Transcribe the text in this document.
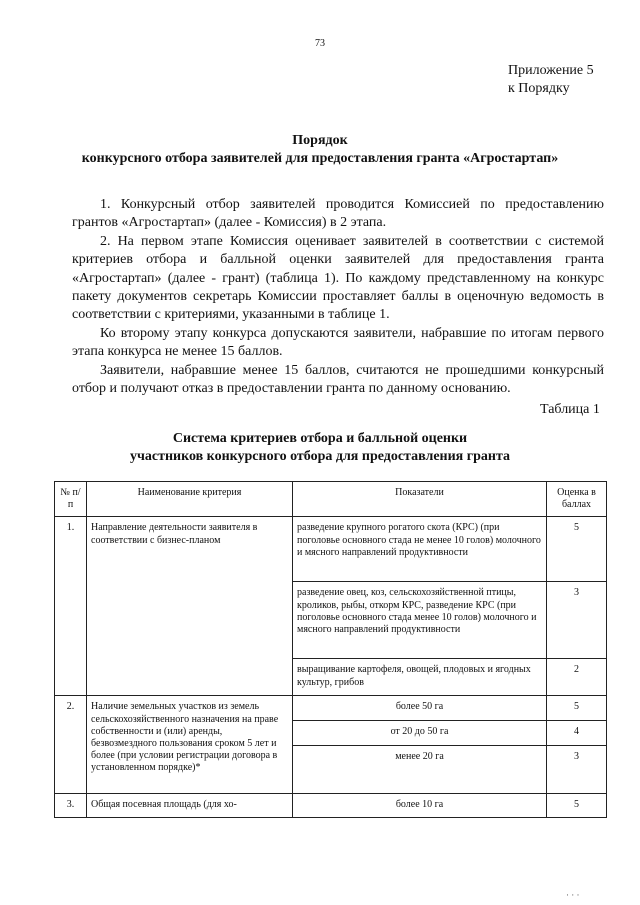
73
Приложение 5
к Порядку
Порядок
конкурсного отбора заявителей для предоставления гранта «Агростартап»

1. Конкурсный отбор заявителей проводится Комиссией по предоставлению грантов «Агростартап» (далее - Комиссия) в 2 этапа.

2. На первом этапе Комиссия оценивает заявителей в соответствии с системой критериев отбора и балльной оценки заявителей для предоставления гранта «Агростартап» (далее - грант) (таблица 1). По каждому представленному на конкурс пакету документов секретарь Комиссии проставляет баллы в оценочную ведомость в соответствии с критериями, указанными в таблице 1.

Ко второму этапу конкурса допускаются заявители, набравшие по итогам первого этапа конкурса не менее 15 баллов.

Заявители, набравшие менее 15 баллов, считаются не прошедшими конкурсный отбор и получают отказ в предоставлении гранта по данному основанию.

Таблица 1
Система критериев отбора и балльной оценки
участников конкурсного отбора для предоставления гранта
№ п/п	Наименование критерия	Показатели	Оценка в баллах
1.	Направление деятельности заявителя в соответствии с бизнес-планом	разведение крупного рогатого скота (КРС) (при поголовье основного стада не менее 10 голов) молочного и мясного направлений продуктивности	5
		разведение овец, коз, сельскохозяйственной птицы, кроликов, рыбы, откорм КРС, разведение КРС (при поголовье основного стада менее 10 голов) молочного и мясного направлений продуктивности	3
		выращивание картофеля, овощей, плодовых и ягодных культур, грибов	2
2.	Наличие земельных участков из земель сельскохозяйственного назначения на праве собственности и (или) аренды, безвозмездного пользования сроком 5 лет и более (при условии регистрации договора в установленном порядке)*	более 50 га	5
		от 20 до 50 га	4
		менее 20 га	3
3.	Общая посевная площадь (для хо-	более 10 га	5
· · ·
